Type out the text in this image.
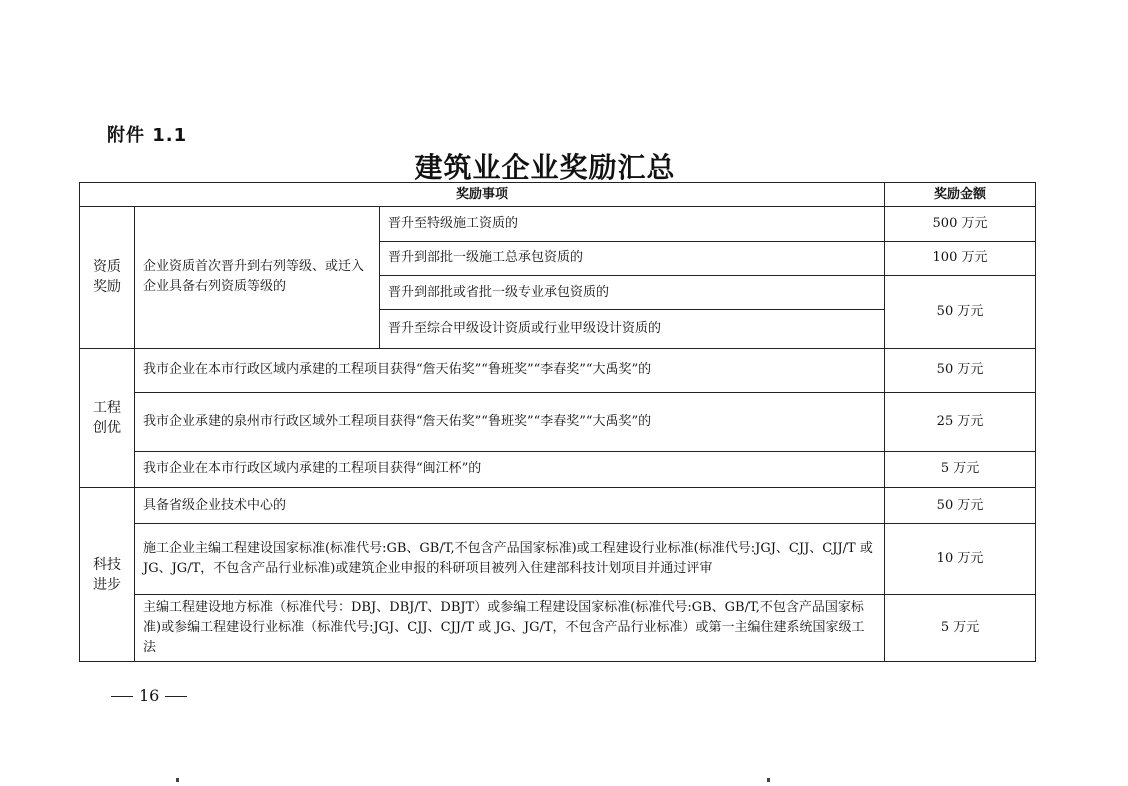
附件 1.1
建筑业企业奖励汇总
奖励事项			奖励金额
资质奖励	企业资质首次晋升到右列等级、或迁入企业具备右列资质等级的	晋升至特级施工资质的	500 万元
		晋升到部批一级施工总承包资质的	100 万元
		晋升到部批或省批一级专业承包资质的	50 万元
		晋升至综合甲级设计资质或行业甲级设计资质的	
工程创优	我市企业在本市行政区域内承建的工程项目获得“詹天佑奖”“鲁班奖”“李春奖”“大禹奖”的		50 万元
	我市企业承建的泉州市行政区域外工程项目获得“詹天佑奖”“鲁班奖”“李春奖”“大禹奖”的		25 万元
	我市企业在本市行政区域内承建的工程项目获得“闽江杯”的		5 万元
科技进步	具备省级企业技术中心的		50 万元
	施工企业主编工程建设国家标准(标准代号:GB、GB/T,不包含产品国家标准)或工程建设行业标准(标准代号:JGJ、CJJ、CJJ/T 或 JG、JG/T，不包含产品行业标准)或建筑企业申报的科研项目被列入住建部科技计划项目并通过评审		10 万元
	主编工程建设地方标准（标准代号：DBJ、DBJ/T、DBJT）或参编工程建设国家标准(标准代号:GB、GB/T,不包含产品国家标准)或参编工程建设行业标准（标准代号:JGJ、CJJ、CJJ/T 或 JG、JG/T，不包含产品行业标准）或第一主编住建系统国家级工法		5 万元
16
